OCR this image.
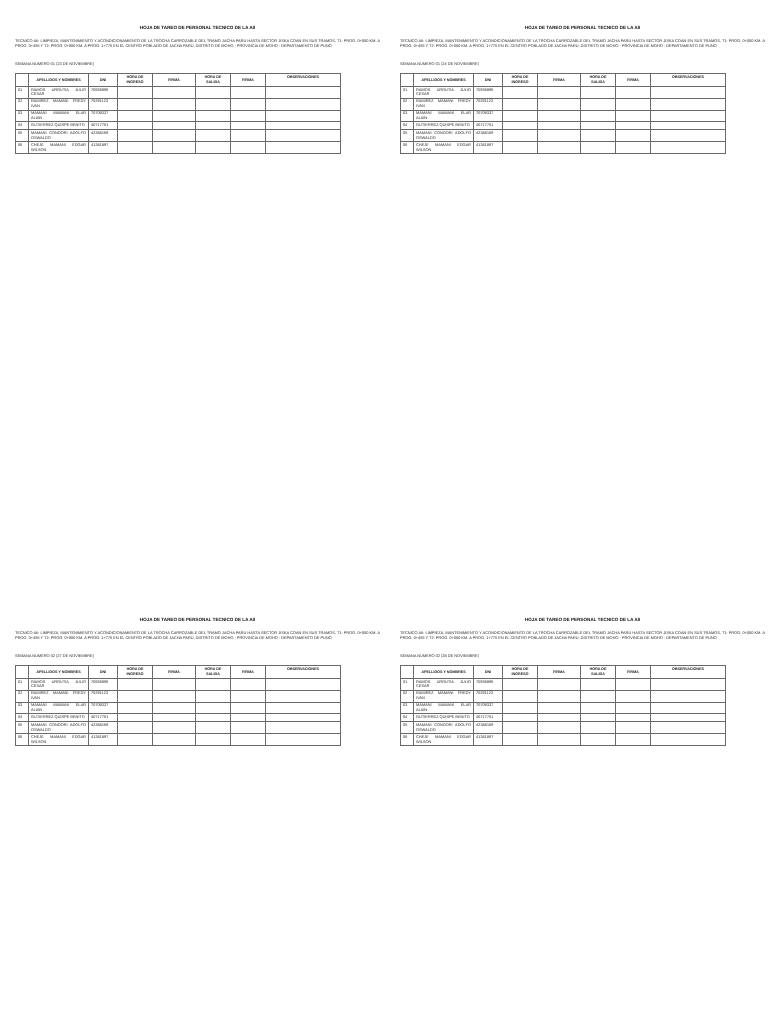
HOJA DE TAREO DE PERSONAL TECNICO DE LA AII
TECNICO AII: LIMPIEZA, MANTENIMIENTO Y ACONDICIONAMIENTO DE LA TROCHA CARROZABLE DEL TRAMO JACHA PARU HASTA SECTOR JISKA COAN EN SUS TRAMOS, T1: PROG. 0+000 KM. A PROG. 0+455 Y T2: PROG. 0+000 KM. A PROG. 1+775 EN EL CENTRO POBLADO DE JACHA PARU, DISTRITO DE MOHO - PROVINCIA DE MOHO - DEPARTAMENTO DE PUNO
SEMANA NUMERO 01 (23 DE NOVIEMBRE)
	APELLIDOS Y NOMBRES	DNI	HORA DE INGRESO	FIRMA	HORA DE SALIDA	FIRMA	OBSERVACIONES
01	RAMOS URRUTIA JULIO CESAR	70936896					
02	RAMIREZ MAMANI FREDY IVAN	70291123					
03	MAMANI MAMANI ELAR ALAIN	70709337					
04	GUTIERREZ QUISPE BENITO	40717701					
05	MAMANI CONDORI ADOLFO OSWALDO	42388169					
06	CHEJE MAMANI EDGAR WILSON	41381897					
HOJA DE TAREO DE PERSONAL TECNICO DE LA AII
TECNICO AII: LIMPIEZA, MANTENIMIENTO Y ACONDICIONAMIENTO DE LA TROCHA CARROZABLE DEL TRAMO JACHA PARU HASTA SECTOR JISKA COAN EN SUS TRAMOS, T1: PROG. 0+000 KM. A PROG. 0+455 Y T2: PROG. 0+000 KM. A PROG. 1+775 EN EL CENTRO POBLADO DE JACHA PARU, DISTRITO DE MOHO - PROVINCIA DE MOHO - DEPARTAMENTO DE PUNO
SEMANA NUMERO 01 (24 DE NOVIEMBRE)
	APELLIDOS Y NOMBRES	DNI	HORA DE INGRESO	FIRMA	HORA DE SALIDA	FIRMA	OBSERVACIONES
01	RAMOS URRUTIA JULIO CESAR	70936896					
02	RAMIREZ MAMANI FREDY IVAN	70291123					
03	MAMANI MAMANI ELAR ALAIN	70709337					
04	GUTIERREZ QUISPE BENITO	40717701					
05	MAMANI CONDORI ADOLFO OSWALDO	42388169					
06	CHEJE MAMANI EDGAR WILSON	41381897					
HOJA DE TAREO DE PERSONAL TECNICO DE LA AII
TECNICO AII: LIMPIEZA, MANTENIMIENTO Y ACONDICIONAMIENTO DE LA TROCHA CARROZABLE DEL TRAMO JACHA PARU HASTA SECTOR JISKA COAN EN SUS TRAMOS, T1: PROG. 0+000 KM. A PROG. 0+455 Y T2: PROG. 0+000 KM. A PROG. 1+775 EN EL CENTRO POBLADO DE JACHA PARU, DISTRITO DE MOHO - PROVINCIA DE MOHO - DEPARTAMENTO DE PUNO
SEMANA NUMERO 02 (27 DE NOVIEMBRE)
	APELLIDOS Y NOMBRES	DNI	HORA DE INGRESO	FIRMA	HORA DE SALIDA	FIRMA	OBSERVACIONES
01	RAMOS URRUTIA JULIO CESAR	70936896					
02	RAMIREZ MAMANI FREDY IVAN	70291123					
03	MAMANI MAMANI ELAR ALAIN	70709337					
04	GUTIERREZ QUISPE BENITO	40717701					
05	MAMANI CONDORI ADOLFO OSWALDO	42388169					
06	CHEJE MAMANI EDGAR WILSON	41381897					
HOJA DE TAREO DE PERSONAL TECNICO DE LA AII
TECNICO AII: LIMPIEZA, MANTENIMIENTO Y ACONDICIONAMIENTO DE LA TROCHA CARROZABLE DEL TRAMO JACHA PARU HASTA SECTOR JISKA COAN EN SUS TRAMOS, T1: PROG. 0+000 KM. A PROG. 0+455 Y T2: PROG. 0+000 KM. A PROG. 1+775 EN EL CENTRO POBLADO DE JACHA PARU, DISTRITO DE MOHO - PROVINCIA DE MOHO - DEPARTAMENTO DE PUNO
SEMANA NUMERO 02 (28 DE NOVIEMBRE)
	APELLIDOS Y NOMBRES	DNI	HORA DE INGRESO	FIRMA	HORA DE SALIDA	FIRMA	OBSERVACIONES
01	RAMOS URRUTIA JULIO CESAR	70936896					
02	RAMIREZ MAMANI FREDY IVAN	70291123					
03	MAMANI MAMANI ELAR ALAIN	70709337					
04	GUTIERREZ QUISPE BENITO	40717701					
05	MAMANI CONDORI ADOLFO OSWALDO	42388169					
06	CHEJE MAMANI EDGAR WILSON	41381897					
